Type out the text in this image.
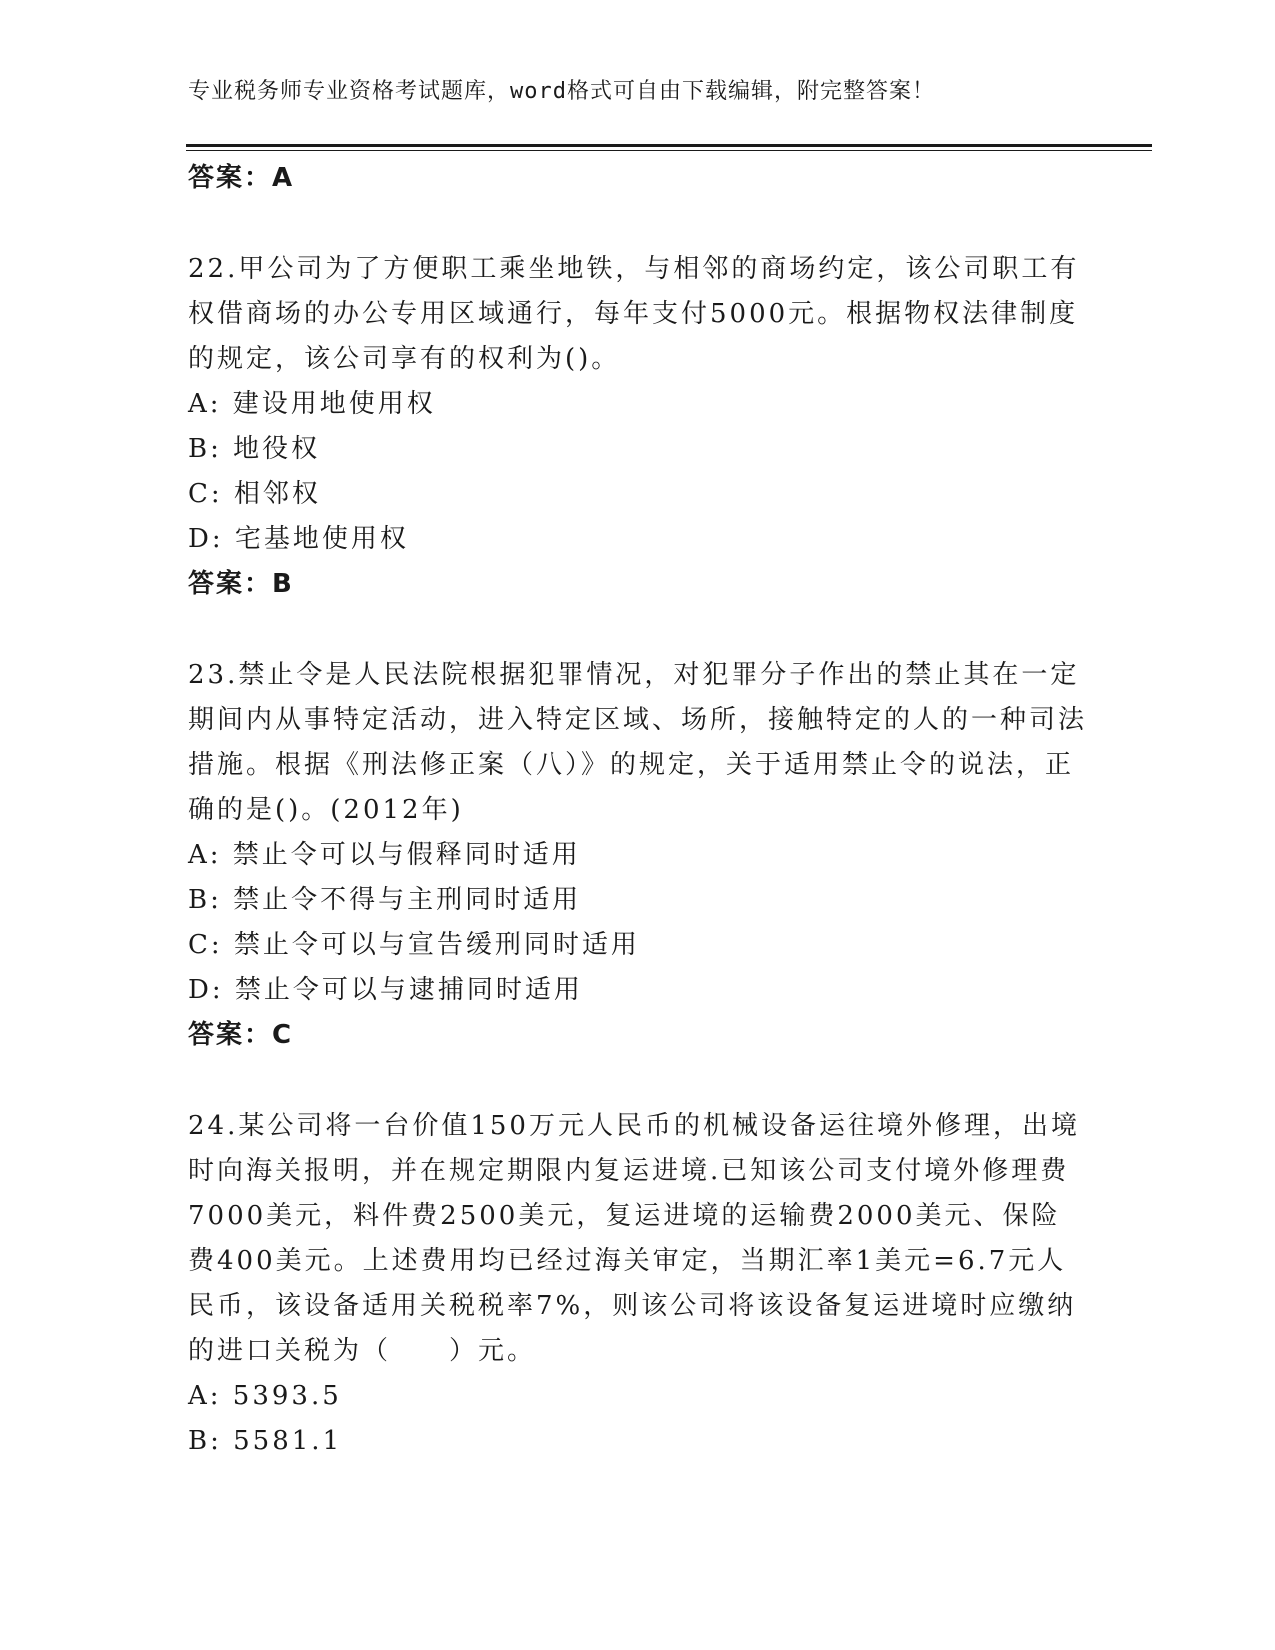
专业税务师专业资格考试题库，word格式可自由下载编辑，附完整答案！
答案：A

22.甲公司为了方便职工乘坐地铁，与相邻的商场约定，该公司职工有权借商场的办公专用区域通行，每年支付5000元。根据物权法律制度的规定，该公司享有的权利为()。

A: 建设用地使用权
B: 地役权
C: 相邻权
D: 宅基地使用权
答案：B

23.禁止令是人民法院根据犯罪情况，对犯罪分子作出的禁止其在一定期间内从事特定活动，进入特定区域、场所，接触特定的人的一种司法措施。根据《刑法修正案（八）》的规定，关于适用禁止令的说法，正确的是()。(2012年)

A: 禁止令可以与假释同时适用
B: 禁止令不得与主刑同时适用
C: 禁止令可以与宣告缓刑同时适用
D: 禁止令可以与逮捕同时适用
答案：C

24.某公司将一台价值150万元人民币的机械设备运往境外修理，出境时向海关报明，并在规定期限内复运进境.已知该公司支付境外修理费7000美元，料件费2500美元，复运进境的运输费2000美元、保险费400美元。上述费用均已经过海关审定，当期汇率1美元=6.7元人民币，该设备适用关税税率7%，则该公司将该设备复运进境时应缴纳的进口关税为（　　）元。

A: 5393.5
B: 5581.1
